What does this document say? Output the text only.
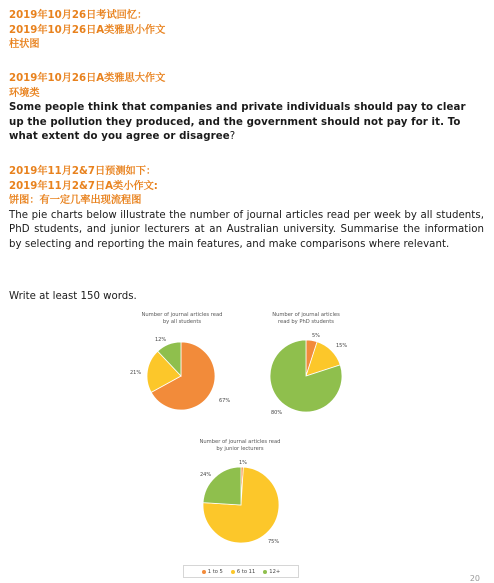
2019年10月26日考试回忆：

2019年10月26日A类雅思小作文

柱状图

2019年10月26日A类雅思大作文

环境类

Some people think that companies and private individuals should pay to clear up the pollution they produced, and the government should not pay for it. To what extent do you agree or disagree?

2019年11月2&7日预测如下：

2019年11月2&7日A类小作文:

饼图：有一定几率出现流程图

The pie charts below illustrate the number of journal articles read per week by all students, PhD students, and junior lecturers at an Australian university. Summarise the information by selecting and reporting the main features, and make comparisons where relevant.

Write at least 150 words.
Number of journal articles read by all students
12%
21%
67%
Number of journal articles read by PhD students
5%
15%
80%
Number of journal articles read by junior lecturers
1%
24%
75%
1 to 5	6 to 11	12+
20
